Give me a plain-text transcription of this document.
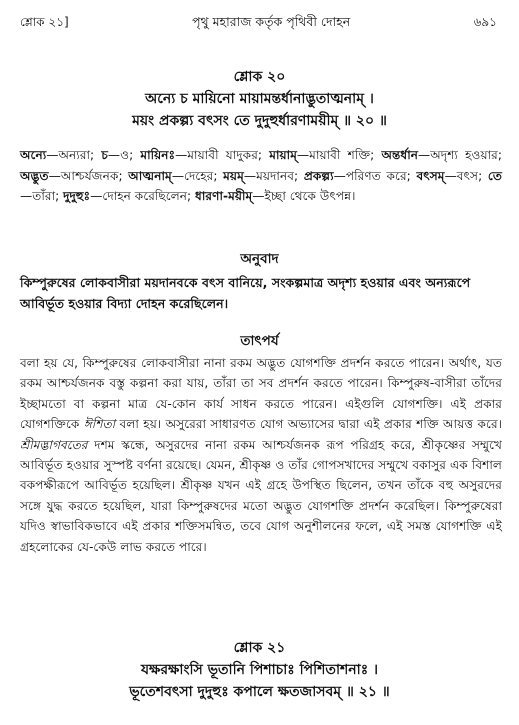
শ্লোক ২১]	পৃথু মহারাজ কর্তৃক পৃথিবী দোহন	৬৯১
শ্লোক ২০
অন্যে চ মায়িনো মায়ামন্তর্ধানাদ্ভুতাত্মনাম্ ।
ময়ং প্রকল্প্য বৎসং তে দুদুহুর্ধারণাময়ীম্ ॥ ২০ ॥
অন্যে—অন্যরা; চ—ও; মায়িনঃ—মায়াবী যাদুকর; মায়াম্—মায়াবী শক্তি; অন্তর্ধান—অদৃশ্য হওয়ার; অদ্ভুত—আশ্চর্যজনক; আত্মনাম্—দেহের; ময়ম্—ময়দানব; প্রকল্প্য—পরিণত করে; বৎসম্—বৎস; তে—তাঁরা; দুদুহুঃ—দোহন করেছিলেন; ধারণা-ময়ীম্—ইচ্ছা থেকে উৎপন্ন।
অনুবাদ
কিম্পুরুষের লোকবাসীরা ময়দানবকে বৎস বানিয়ে, সংকল্পমাত্র অদৃশ্য হওয়ার এবং অন্যরূপে আবির্ভূত হওয়ার বিদ্যা দোহন করেছিলেন।
তাৎপর্য

বলা হয় যে, কিম্পুরুষের লোকবাসীরা নানা রকম অদ্ভুত যোগশক্তি প্রদর্শন করতে পারেন। অর্থাৎ, যত রকম আশ্চর্যজনক বস্তু কল্পনা করা যায়, তাঁরা তা সব প্রদর্শন করতে পারেন। কিম্পুরুষ-বাসীরা তাঁদের ইচ্ছামতো বা কল্পনা মাত্র যে-কোন কার্য সাধন করতে পারেন। এইগুলি যোগশক্তি। এই প্রকার যোগশক্তিকে ঈশিতা বলা হয়। অসুরেরা সাধারণত যোগ অভ্যাসের দ্বারা এই প্রকার শক্তি আয়ত্ত করে। শ্রীমদ্ভাগবতের দশম স্কন্ধে, অসুরদের নানা রকম আশ্চর্যজনক রূপ পরিগ্রহ করে, শ্রীকৃষ্ণের সম্মুখে আবির্ভূত হওয়ার সুস্পষ্ট বর্ণনা রয়েছে। যেমন, শ্রীকৃষ্ণ ও তাঁর গোপসখাদের সম্মুখে বকাসুর এক বিশাল বকপক্ষীরূপে আবির্ভূত হয়েছিল। শ্রীকৃষ্ণ যখন এই গ্রহে উপস্থিত ছিলেন, তখন তাঁকে বহু অসুরদের সঙ্গে যুদ্ধ করতে হয়েছিল, যারা কিম্পুরুষদের মতো অদ্ভুত যোগশক্তি প্রদর্শন করেছিল। কিম্পুরুষেরা যদিও স্বাভাবিকভাবে এই প্রকার শক্তিসমন্বিত, তবে যোগ অনুশীলনের ফলে, এই সমস্ত যোগশক্তি এই গ্রহলোকের যে-কেউ লাভ করতে পারে।

শ্লোক ২১
যক্ষরক্ষাংসি ভূতানি পিশাচাঃ পিশিতাশনাঃ ।
ভূতেশবৎসা দুদুহুঃ কপালে ক্ষতজাসবম্ ॥ ২১ ॥
